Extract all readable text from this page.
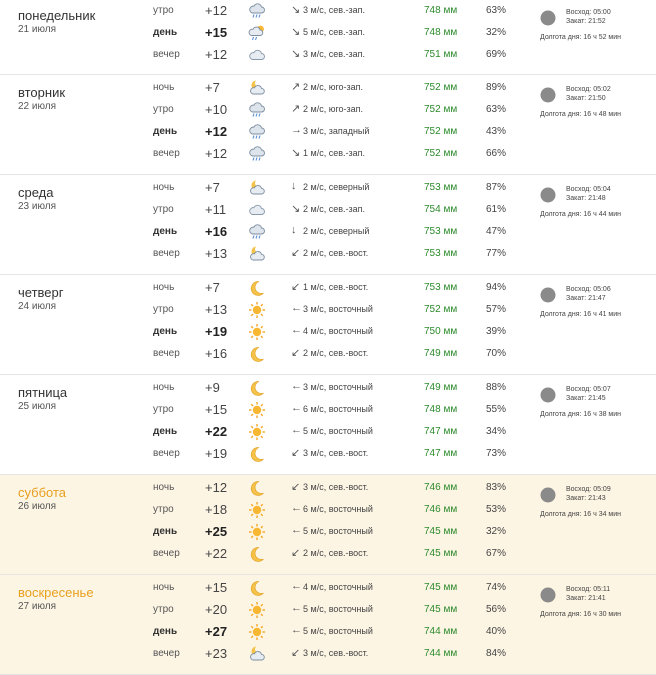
понедельник
21 июля
Восход: 05:00
Закат: 21:52
Долгота дня: 16 ч 52 мин
утро +12	↘ 3 м/с, сев.-зап.	748 мм	63%
день +15	↘ 5 м/с, сев.-зап.	748 мм	32%
вечер +12	↘ 3 м/с, сев.-зап.	751 мм	69%
вторник
22 июля
Восход: 05:02
Закат: 21:50
Долгота дня: 16 ч 48 мин
ночь +7	↗ 2 м/с, юго-зап.	752 мм	89%
утро +10	↗ 2 м/с, юго-зап.	752 мм	63%
день +12	→ 3 м/с, западный	752 мм	43%
вечер +12	↘ 1 м/с, сев.-зап.	752 мм	66%
среда
23 июля
Восход: 05:04
Закат: 21:48
Долгота дня: 16 ч 44 мин
ночь +7	↓ 2 м/с, северный	753 мм	87%
утро +11	↘ 2 м/с, сев.-зап.	754 мм	61%
день +16	↓ 2 м/с, северный	753 мм	47%
вечер +13	↙ 2 м/с, сев.-вост.	753 мм	77%
четверг
24 июля
Восход: 05:06
Закат: 21:47
Долгота дня: 16 ч 41 мин
ночь +7	↙ 1 м/с, сев.-вост.	753 мм	94%
утро +13	← 3 м/с, восточный	752 мм	57%
день +19	← 4 м/с, восточный	750 мм	39%
вечер +16	↙ 2 м/с, сев.-вост.	749 мм	70%
пятница
25 июля
Восход: 05:07
Закат: 21:45
Долгота дня: 16 ч 38 мин
ночь +9	← 3 м/с, восточный	749 мм	88%
утро +15	← 6 м/с, восточный	748 мм	55%
день +22	← 5 м/с, восточный	747 мм	34%
вечер +19	↙ 3 м/с, сев.-вост.	747 мм	73%
суббота
26 июля
Восход: 05:09
Закат: 21:43
Долгота дня: 16 ч 34 мин
ночь +12	↙ 3 м/с, сев.-вост.	746 мм	83%
утро +18	← 6 м/с, восточный	746 мм	53%
день +25	← 5 м/с, восточный	745 мм	32%
вечер +22	↙ 2 м/с, сев.-вост.	745 мм	67%
воскресенье
27 июля
Восход: 05:11
Закат: 21:41
Долгота дня: 16 ч 30 мин
ночь +15	← 4 м/с, восточный	745 мм	74%
утро +20	← 5 м/с, восточный	745 мм	56%
день +27	← 5 м/с, восточный	744 мм	40%
вечер +23	↙ 3 м/с, сев.-вост.	744 мм	84%
